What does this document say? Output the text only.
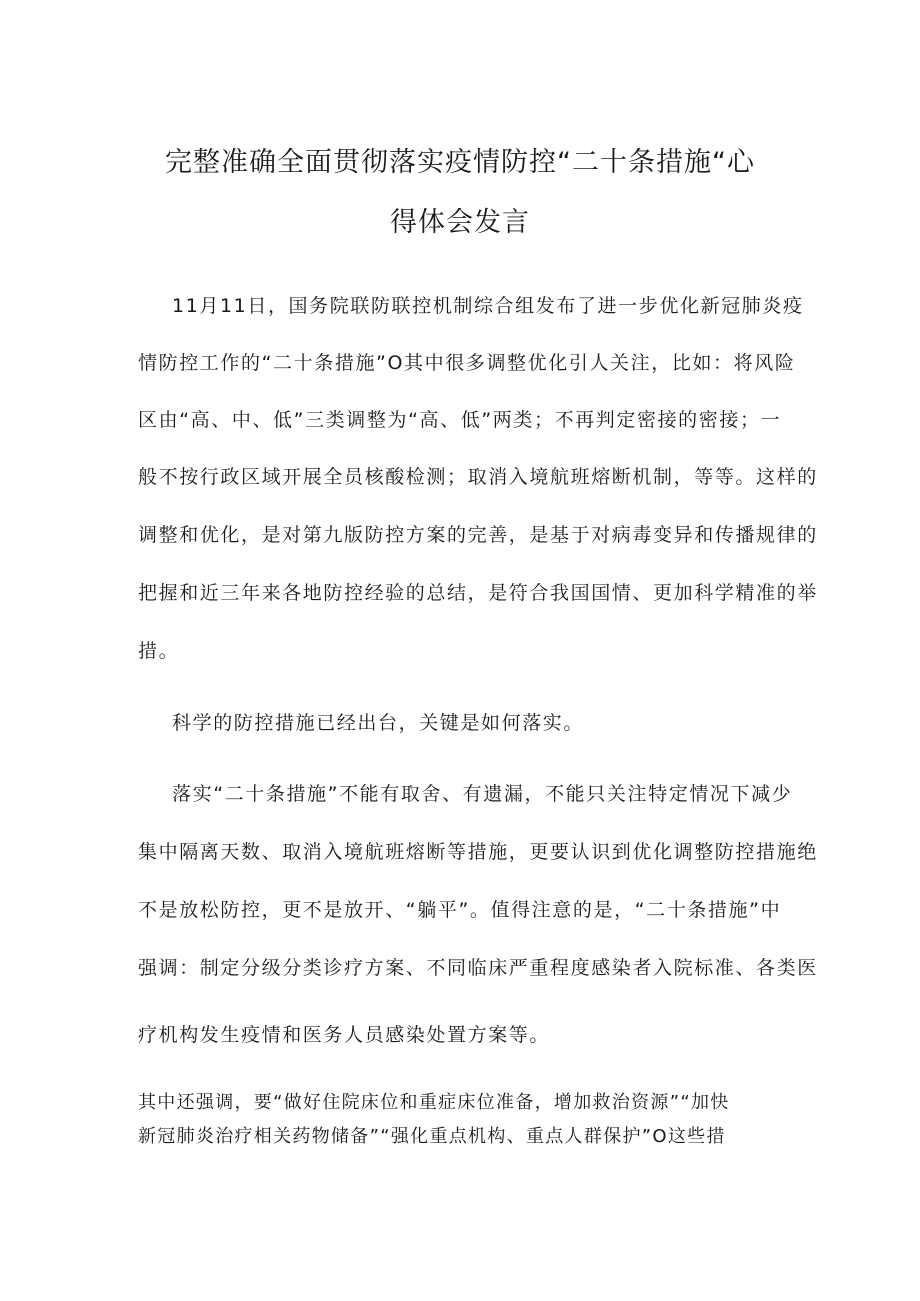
完整准确全面贯彻落实疫情防控“二十条措施“心
得体会发言

11月11日，国务院联防联控机制综合组发布了进一步优化新冠肺炎疫

情防控工作的“二十条措施”O其中很多调整优化引人关注，比如：将风险

区由“高、中、低”三类调整为“高、低”两类；不再判定密接的密接；一

般不按行政区域开展全员核酸检测；取消入境航班熔断机制，等等。这样的

调整和优化，是对第九版防控方案的完善，是基于对病毒变异和传播规律的

把握和近三年来各地防控经验的总结，是符合我国国情、更加科学精准的举

措。

科学的防控措施已经出台，关键是如何落实。

落实“二十条措施”不能有取舍、有遗漏，不能只关注特定情况下减少

集中隔离天数、取消入境航班熔断等措施，更要认识到优化调整防控措施绝

不是放松防控，更不是放开、“躺平”。值得注意的是，“二十条措施”中

强调：制定分级分类诊疗方案、不同临床严重程度感染者入院标准、各类医

疗机构发生疫情和医务人员感染处置方案等。

其中还强调，要“做好住院床位和重症床位准备，增加救治资源”“加快

新冠肺炎治疗相关药物储备”“强化重点机构、重点人群保护”O这些措
